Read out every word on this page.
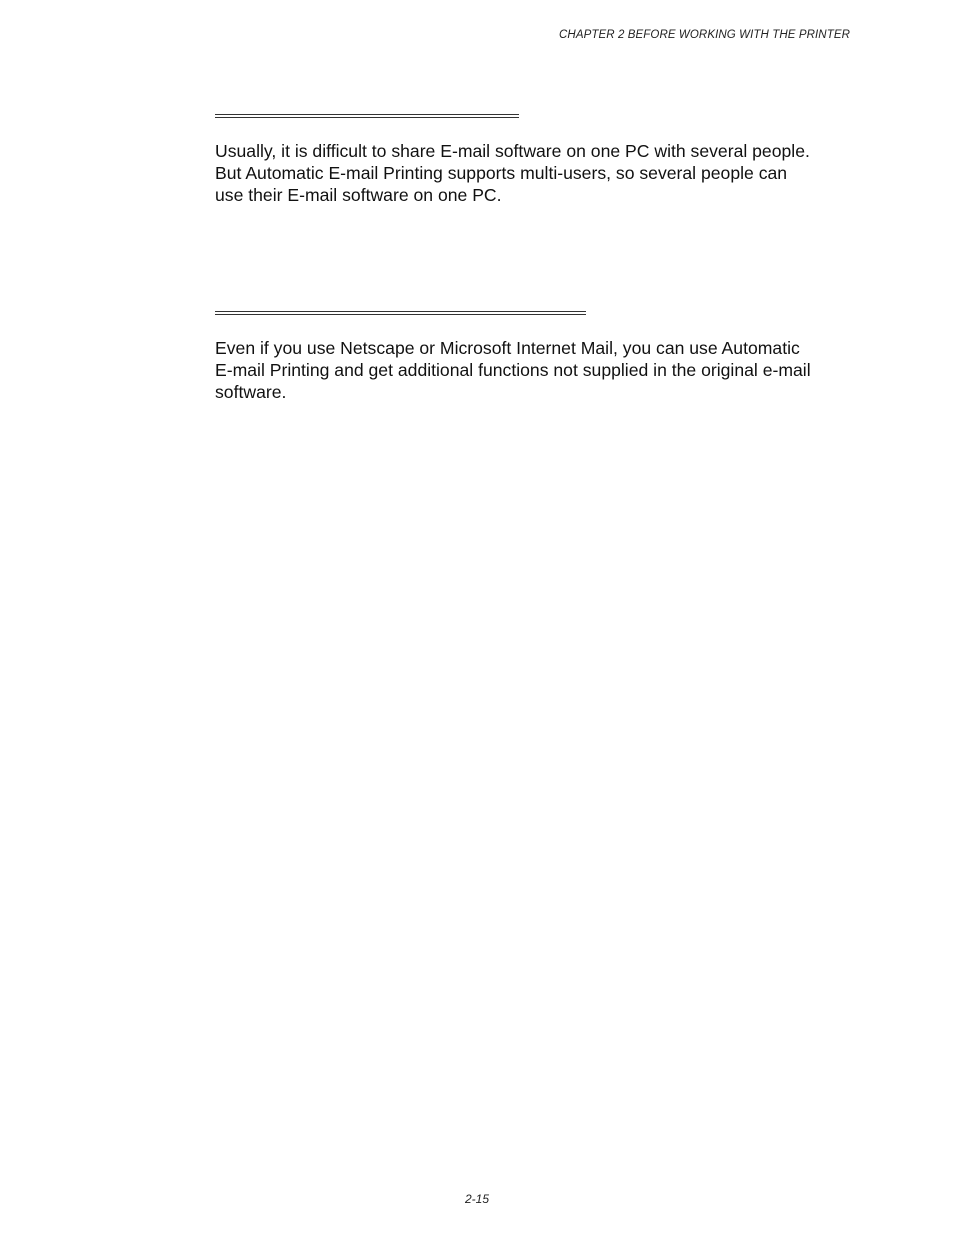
CHAPTER 2 BEFORE WORKING WITH THE PRINTER

Usually, it is difficult to share E-mail software on one PC with several people.
But Automatic E-mail Printing supports multi-users, so several people can
use their E-mail software on one PC.

Even if you use Netscape or Microsoft Internet Mail, you can use Automatic
E-mail Printing and get additional functions not supplied in the original e-mail
software.

2-15
